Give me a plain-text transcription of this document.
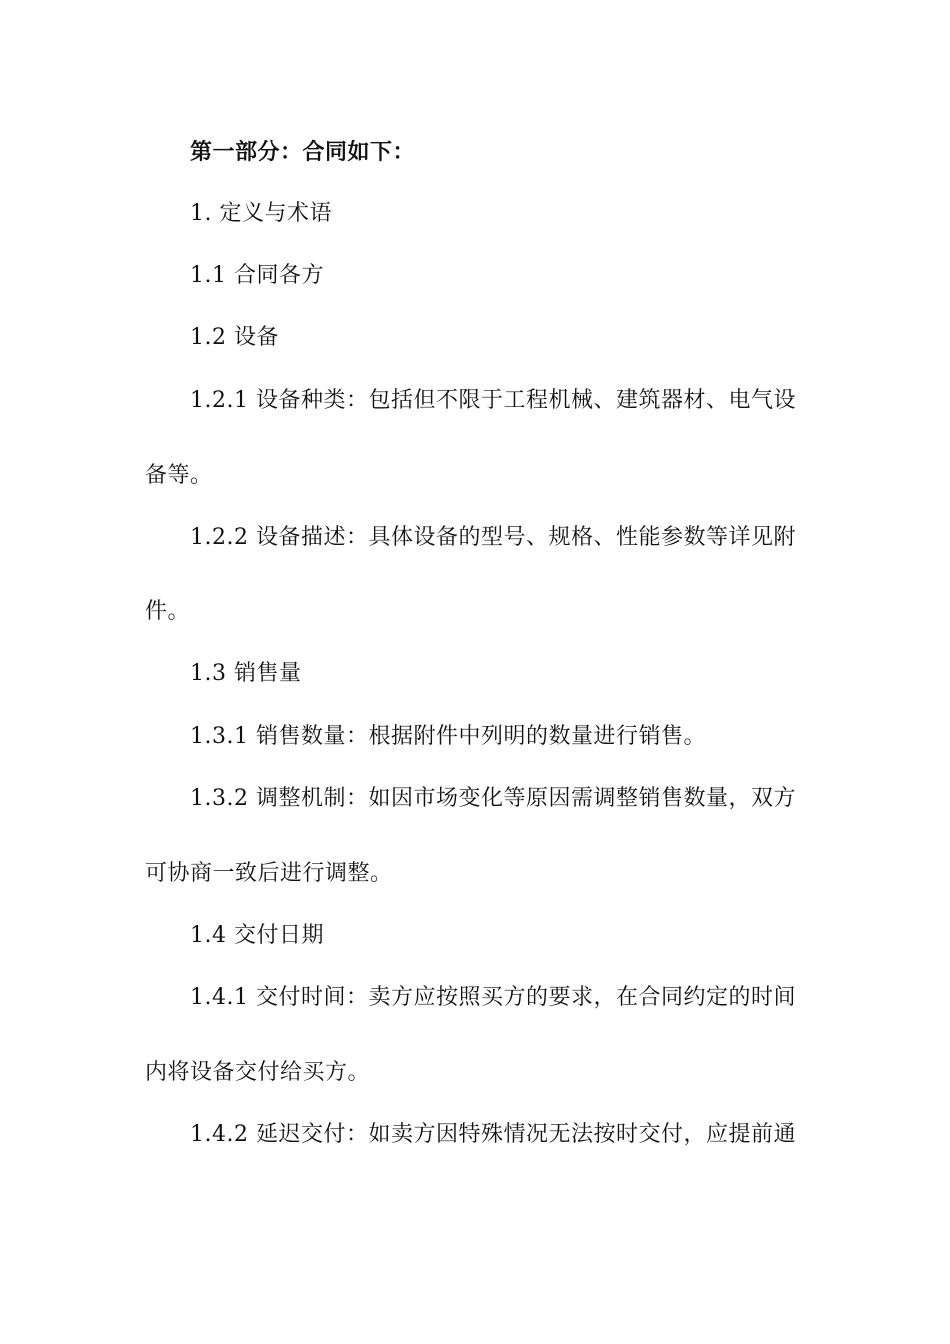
第一部分：合同如下：
1. 定义与术语
1.1 合同各方
1.2 设备
1.2.1 设备种类：包括但不限于工程机械、建筑器材、电气设
备等。
1.2.2 设备描述：具体设备的型号、规格、性能参数等详见附
件。
1.3 销售量
1.3.1 销售数量：根据附件中列明的数量进行销售。
1.3.2 调整机制：如因市场变化等原因需调整销售数量，双方
可协商一致后进行调整。
1.4 交付日期
1.4.1 交付时间：卖方应按照买方的要求，在合同约定的时间
内将设备交付给买方。
1.4.2 延迟交付：如卖方因特殊情况无法按时交付，应提前通
